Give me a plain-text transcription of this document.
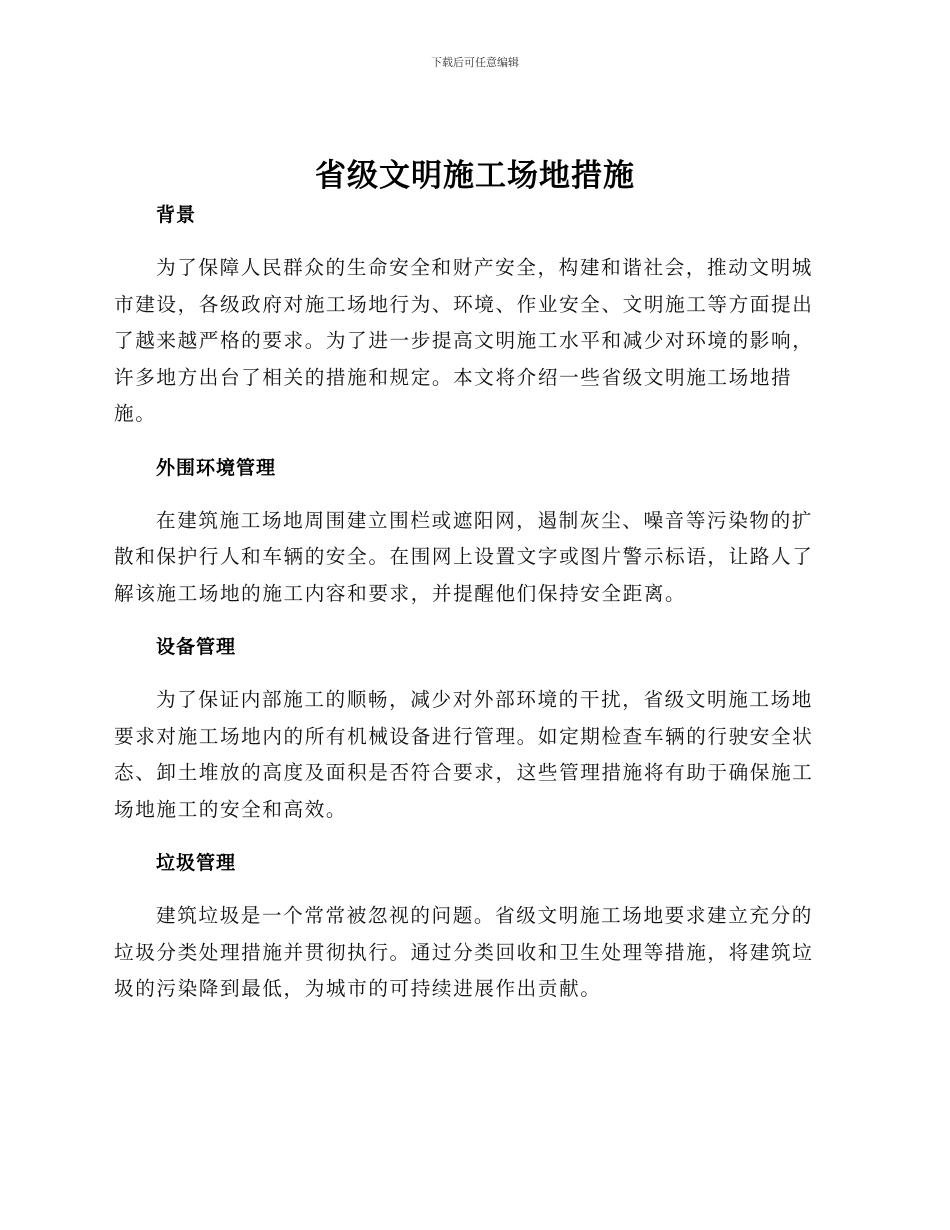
下载后可任意编辑
省级文明施工场地措施
背景

为了保障人民群众的生命安全和财产安全，构建和谐社会，推动文明城市建设，各级政府对施工场地行为、环境、作业安全、文明施工等方面提出了越来越严格的要求。为了进一步提高文明施工水平和减少对环境的影响，许多地方出台了相关的措施和规定。本文将介绍一些省级文明施工场地措施。

外围环境管理

在建筑施工场地周围建立围栏或遮阳网，遏制灰尘、噪音等污染物的扩散和保护行人和车辆的安全。在围网上设置文字或图片警示标语，让路人了解该施工场地的施工内容和要求，并提醒他们保持安全距离。

设备管理

为了保证内部施工的顺畅，减少对外部环境的干扰，省级文明施工场地要求对施工场地内的所有机械设备进行管理。如定期检查车辆的行驶安全状态、卸土堆放的高度及面积是否符合要求，这些管理措施将有助于确保施工场地施工的安全和高效。

垃圾管理

建筑垃圾是一个常常被忽视的问题。省级文明施工场地要求建立充分的垃圾分类处理措施并贯彻执行。通过分类回收和卫生处理等措施，将建筑垃圾的污染降到最低，为城市的可持续进展作出贡献。
